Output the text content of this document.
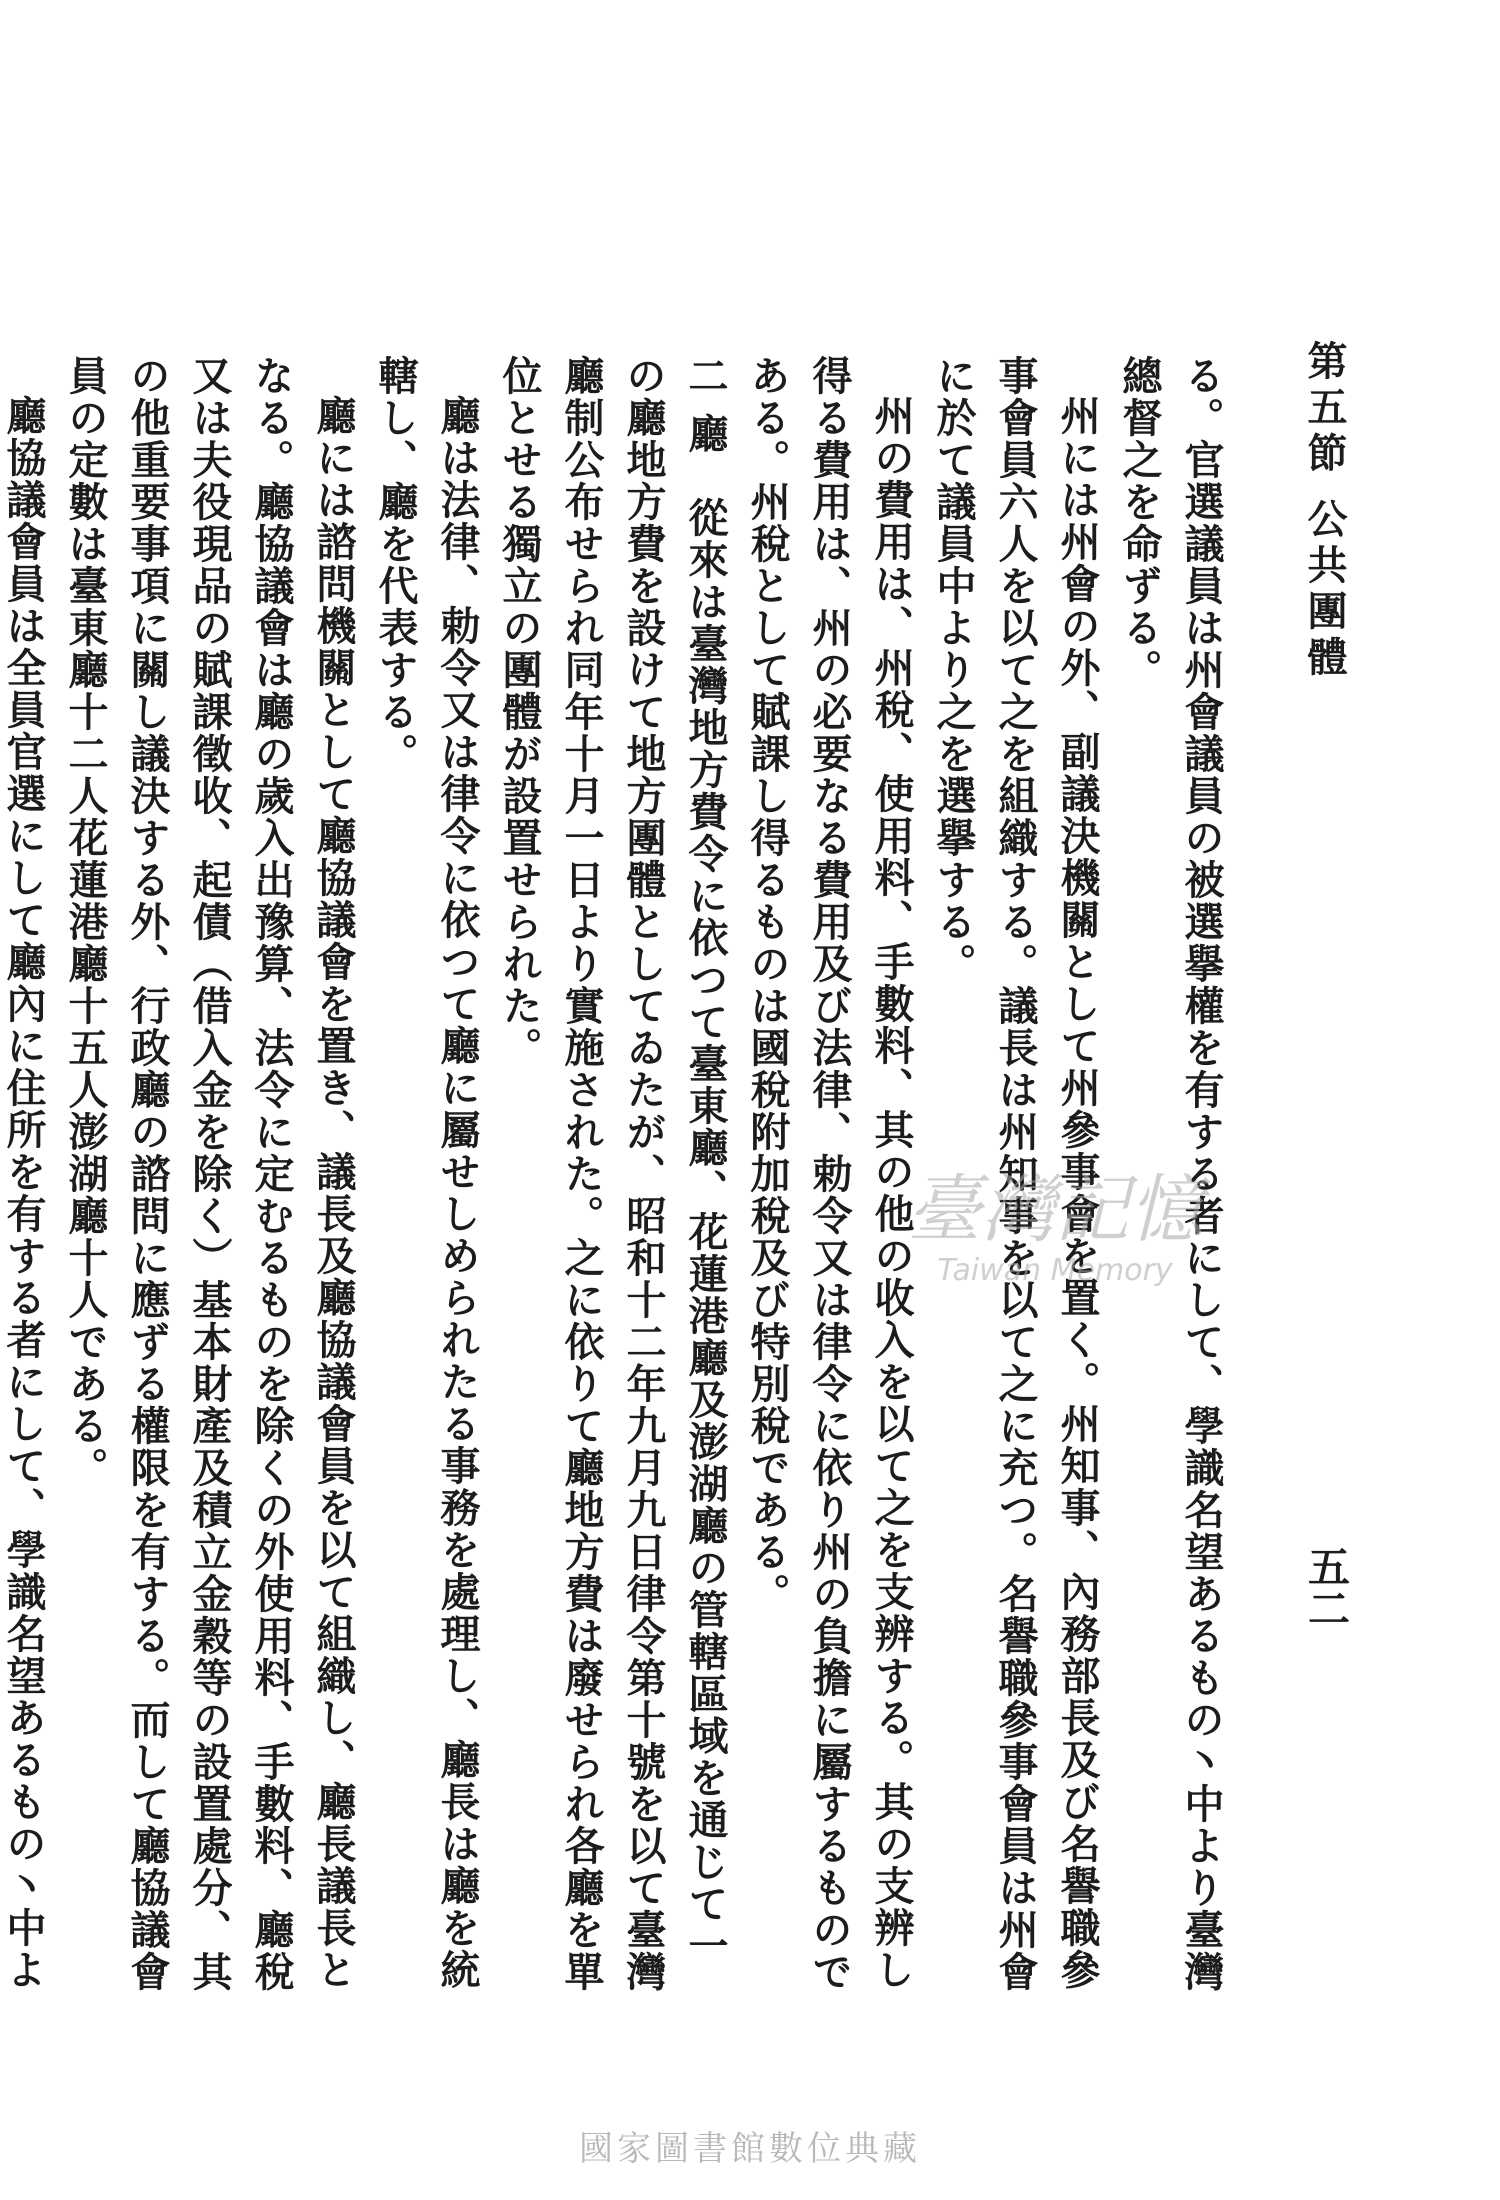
第五節 公共團體
五二

る。官選議員は州會議員の被選擧權を有する者にして、學識名望あるもの丶中より臺灣總督之を命ずる。

州には州會の外、副議決機關として州參事會を置く。州知事、內務部長及び名譽職參事會員六人を以て之を組織する。議長は州知事を以て之に充つ。名譽職參事會員は州會に於て議員中より之を選擧する。

州の費用は、州稅、使用料、手數料、其の他の收入を以て之を支辨する。其の支辨し得る費用は、州の必要なる費用及び法律、勅令又は律令に依り州の負擔に屬するものである。州稅として賦課し得るものは國稅附加稅及び特別稅である。

二 廳　從來は臺灣地方費令に依つて臺東廳、花蓮港廳及澎湖廳の管轄區域を通じて一の廳地方費を設けて地方團體としてゐたが、昭和十二年九月九日律令第十號を以て臺灣廳制公布せられ同年十月一日より實施された。之に依りて廳地方費は廢せられ各廳を單位とせる獨立の團體が設置せられた。

廳は法律、勅令又は律令に依つて廳に屬せしめられたる事務を處理し、廳長は廳を統轄し、廳を代表する。

廳には諮問機關として廳協議會を置き、議長及廳協議會員を以て組織し、廳長議長となる。廳協議會は廳の歲入出豫算、法令に定むるものを除くの外使用料、手數料、廳稅又は夫役現品の賦課徵收、起債（借入金を除く）基本財產及積立金穀等の設置處分、其の他重要事項に關し議決する外、行政廳の諮問に應ずる權限を有する。而して廳協議會員の定數は臺東廳十二人花蓮港廳十五人澎湖廳十人である。

廳協議會員は全員官選にして廳內に住所を有する者にして、學識名望あるもの丶中よ

臺灣記憶
Taiwan Memory
國家圖書館數位典藏
